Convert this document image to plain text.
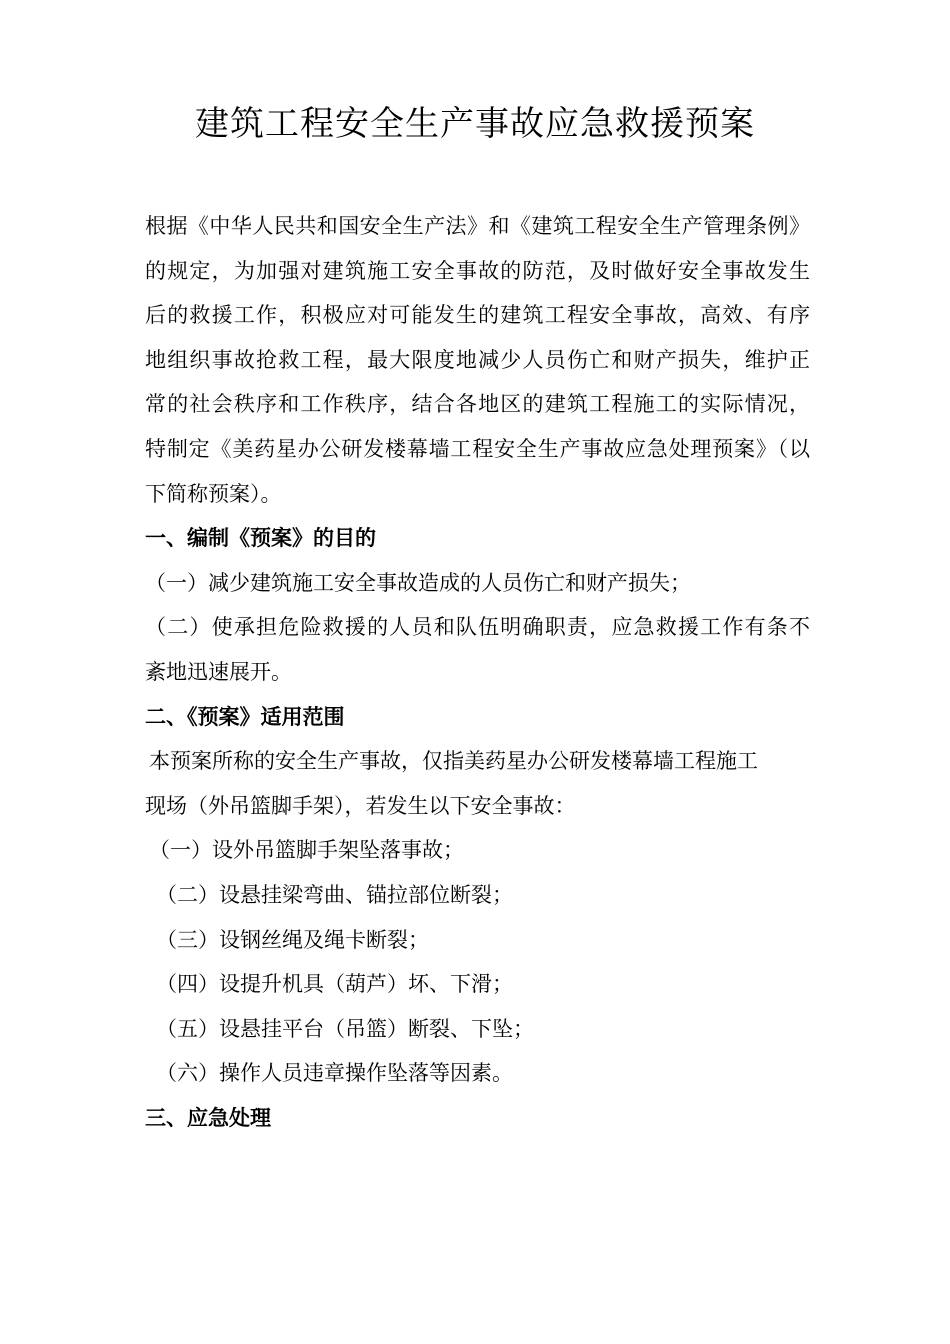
建筑工程安全生产事故应急救援预案
根据《中华人民共和国安全生产法》和《建筑工程安全生产管理条例》
的规定，为加强对建筑施工安全事故的防范，及时做好安全事故发生
后的救援工作，积极应对可能发生的建筑工程安全事故，高效、有序
地组织事故抢救工程，最大限度地减少人员伤亡和财产损失，维护正
常的社会秩序和工作秩序，结合各地区的建筑工程施工的实际情况，
特制定《美药星办公研发楼幕墙工程安全生产事故应急处理预案》（以
下简称预案）。
一、编制《预案》的目的
（一）减少建筑施工安全事故造成的人员伤亡和财产损失；
（二）使承担危险救援的人员和队伍明确职责，应急救援工作有条不
紊地迅速展开。
二、《预案》适用范围
本预案所称的安全生产事故，仅指美药星办公研发楼幕墙工程施工
现场（外吊篮脚手架），若发生以下安全事故：
（一）设外吊篮脚手架坠落事故；
（二）设悬挂梁弯曲、锚拉部位断裂；
（三）设钢丝绳及绳卡断裂；
（四）设提升机具（葫芦）坏、下滑；
（五）设悬挂平台（吊篮）断裂、下坠；
（六）操作人员违章操作坠落等因素。
三、应急处理
